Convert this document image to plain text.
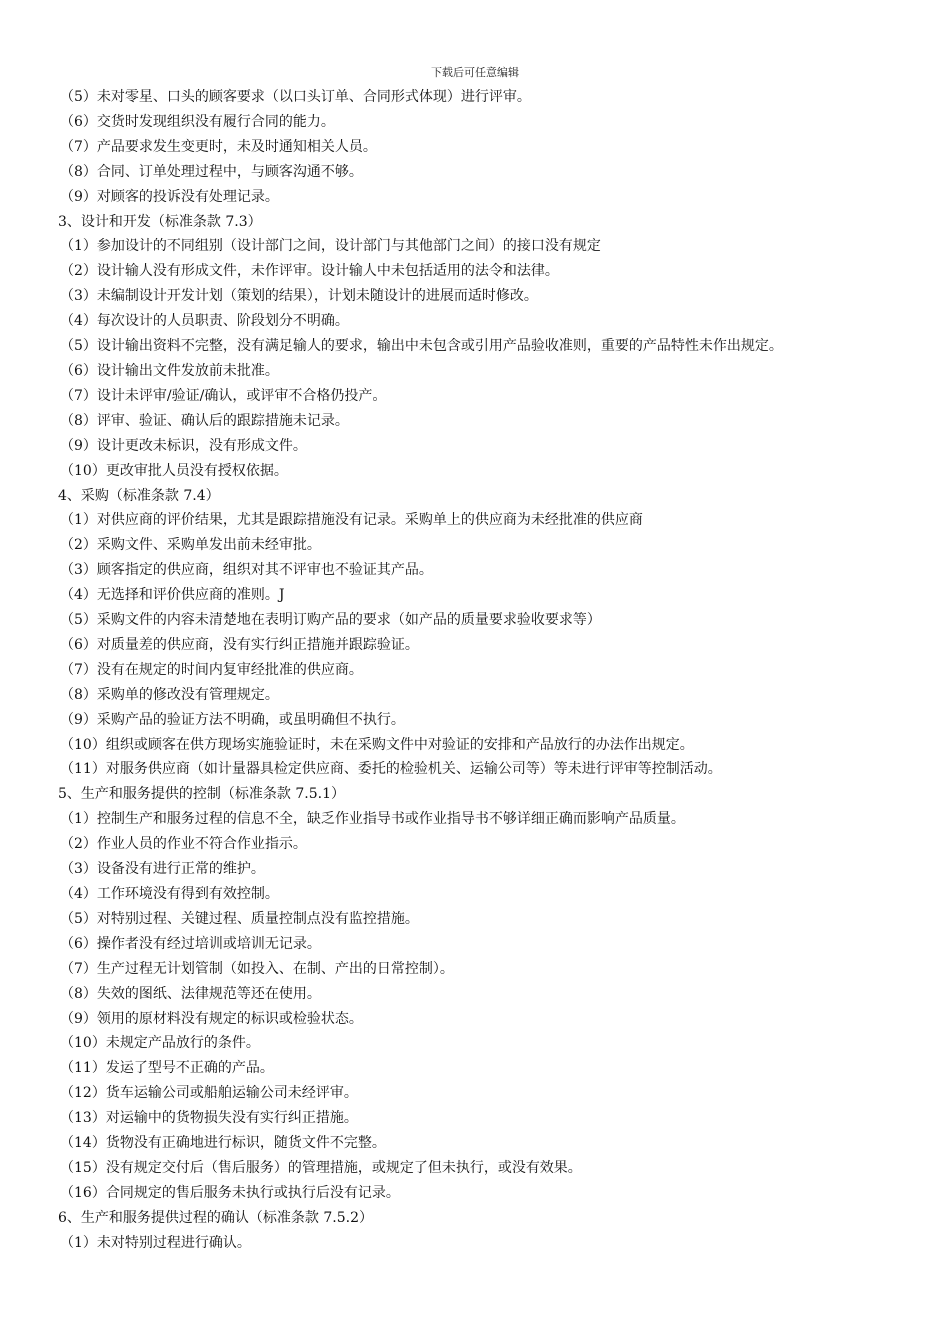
下载后可任意编辑

（5）未对零星、口头的顾客要求（以口头订单、合同形式体现）进行评审。

（6）交货时发现组织没有履行合同的能力。

（7）产品要求发生变更时，未及时通知相关人员。

（8）合同、订单处理过程中，与顾客沟通不够。

（9）对顾客的投诉没有处理记录。

3、设计和开发（标准条款 7.3）

（1）参加设计的不同组别（设计部门之间，设计部门与其他部门之间）的接口没有规定

（2）设计输人没有形成文件，未作评审。设计输人中未包括适用的法令和法律。

（3）未编制设计开发计划（策划的结果），计划未随设计的进展而适时修改。

（4）每次设计的人员职责、阶段划分不明确。

（5）设计输出资料不完整，没有满足输人的要求，输出中未包含或引用产品验收准则，重要的产品特性未作出规定。

（6）设计输出文件发放前未批准。

（7）设计未评审/验证/确认，或评审不合格仍投产。

（8）评审、验证、确认后的跟踪措施未记录。

（9）设计更改未标识，没有形成文件。

（10）更改审批人员没有授权依据。

4、采购（标准条款 7.4）

（1）对供应商的评价结果，尤其是跟踪措施没有记录。采购单上的供应商为未经批准的供应商

（2）采购文件、采购单发出前未经审批。

（3）顾客指定的供应商，组织对其不评审也不验证其产品。

（4）无选择和评价供应商的准则。J

（5）采购文件的内容未清楚地在表明订购产品的要求（如产品的质量要求验收要求等）

（6）对质量差的供应商，没有实行纠正措施并跟踪验证。

（7）没有在规定的时间内复审经批准的供应商。

（8）采购单的修改没有管理规定。

（9）采购产品的验证方法不明确，或虽明确但不执行。

（10）组织或顾客在供方现场实施验证时，未在采购文件中对验证的安排和产品放行的办法作出规定。

（11）对服务供应商（如计量器具检定供应商、委托的检验机关、运输公司等）等未进行评审等控制活动。

5、生产和服务提供的控制（标准条款 7.5.1）

（1）控制生产和服务过程的信息不全，缺乏作业指导书或作业指导书不够详细正确而影响产品质量。

（2）作业人员的作业不符合作业指示。

（3）设备没有进行正常的维护。

（4）工作环境没有得到有效控制。

（5）对特别过程、关键过程、质量控制点没有监控措施。

（6）操作者没有经过培训或培训无记录。

（7）生产过程无计划管制（如投入、在制、产出的日常控制）。

（8）失效的图纸、法律规范等还在使用。

（9）领用的原材料没有规定的标识或检验状态。

（10）未规定产品放行的条件。

（11）发运了型号不正确的产品。

（12）货车运输公司或船舶运输公司未经评审。

（13）对运输中的货物损失没有实行纠正措施。

（14）货物没有正确地进行标识，随货文件不完整。

（15）没有规定交付后（售后服务）的管理措施，或规定了但未执行，或没有效果。

（16）合同规定的售后服务未执行或执行后没有记录。

6、生产和服务提供过程的确认（标准条款 7.5.2）

（1）未对特别过程进行确认。
